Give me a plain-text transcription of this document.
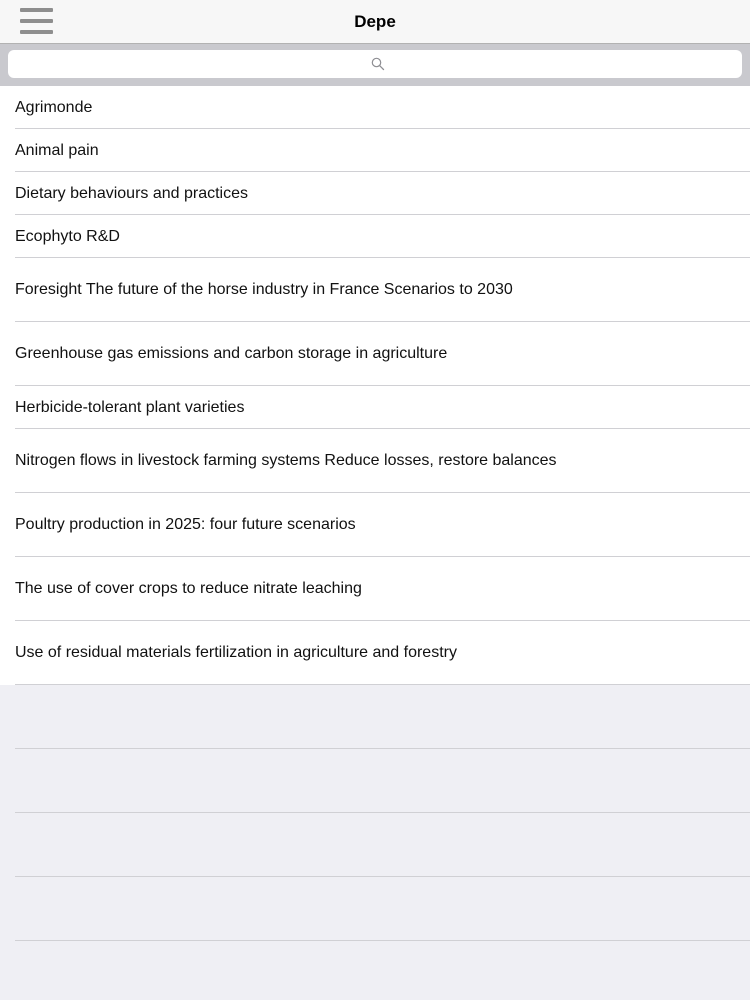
Depe
Agrimonde
Animal pain
Dietary behaviours and practices
Ecophyto R&D
Foresight The future of the horse industry in France Scenarios to 2030
Greenhouse gas emissions and carbon storage in agriculture
Herbicide-tolerant plant varieties
Nitrogen flows in livestock farming systems Reduce losses, restore balances
Poultry production in 2025: four future scenarios
The use of cover crops to reduce nitrate leaching
Use of residual materials fertilization in agriculture and forestry
